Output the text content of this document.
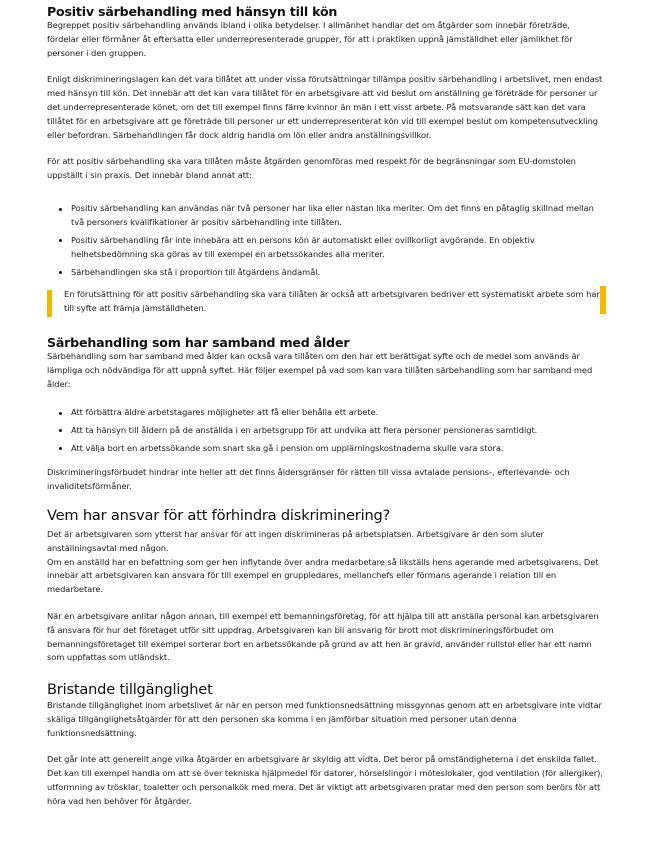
Positiv särbehandling med hänsyn till kön

Begreppet positiv särbehandling används ibland i olika betydelser. I allmänhet handlar det om åtgärder som innebär företräde, fördelar eller förmåner åt eftersatta eller underrepresenterade grupper, för att i praktiken uppnå jämställdhet eller jämlikhet för personer i den gruppen.

Enligt diskrimineringslagen kan det vara tillåtet att under vissa förutsättningar tillämpa positiv särbehandling i arbetslivet, men endast med hänsyn till kön. Det innebär att det kan vara tillåtet för en arbetsgivare att vid beslut om anställning ge företräde för personer ur det underrepresenterade könet, om det till exempel finns färre kvinnor än män i ett visst arbete. På motsvarande sätt kan det vara tillåtet för en arbetsgivare att ge företräde till personer ur ett underrepresenterat kön vid till exempel beslut om kompetensutveckling eller befordran. Särbehandlingen får dock aldrig handla om lön eller andra anställningsvillkor.

För att positiv särbehandling ska vara tillåten måste åtgärden genomföras med respekt för de begränsningar som EU-domstolen uppställt i sin praxis. Det innebär bland annat att:

Positiv särbehandling kan användas när två personer har lika eller nästan lika meriter. Om det finns en påtaglig skillnad mellan två personers kvalifikationer är positiv särbehandling inte tillåten.
Positiv särbehandling får inte innebära att en persons kön är automatiskt eller ovillkorligt avgörande. En objektiv helhetsbedömning ska göras av till exempel en arbetssökandes alla meriter.
Särbehandlingen ska stå i proportion till åtgärdens ändamål.

En förutsättning för att positiv särbehandling ska vara tillåten är också att arbetsgivaren bedriver ett systematiskt arbete som har till syfte att främja jämställdheten.

Särbehandling som har samband med ålder

Särbehandling som har samband med ålder kan också vara tillåten om den har ett berättigat syfte och de medel som används är lämpliga och nödvändiga för att uppnå syftet. Här följer exempel på vad som kan vara tillåten särbehandling som har samband med ålder:

Att förbättra äldre arbetstagares möjligheter att få eller behålla ett arbete.
Att ta hänsyn till åldern på de anställda i en arbetsgrupp för att undvika att flera personer pensioneras samtidigt.
Att välja bort en arbetssökande som snart ska gå i pension om upplärningskostnaderna skulle vara stora.

Diskrimineringsförbudet hindrar inte heller att det finns åldersgränser för rätten till vissa avtalade pensions-, efterlevande- och invaliditetsförmåner.

Vem har ansvar för att förhindra diskriminering?

Det är arbetsgivaren som ytterst har ansvar för att ingen diskrimineras på arbetsplatsen. Arbetsgivare är den som sluter anställningsavtal med någon.

Om en anställd har en befattning som ger hen inflytande över andra medarbetare så likställs hens agerande med arbetsgivarens. Det innebär att arbetsgivaren kan ansvara för till exempel en gruppledares, mellanchefs eller förmans agerande i relation till en medarbetare.

När en arbetsgivare anlitar någon annan, till exempel ett bemanningsföretag, för att hjälpa till att anställa personal kan arbetsgivaren få ansvara för hur det företaget utför sitt uppdrag. Arbetsgivaren kan bli ansvarig för brott mot diskrimineringsförbudet om bemanningsföretaget till exempel sorterar bort en arbetssökande på grund av att hen är gravid, använder rullstol eller har ett namn som uppfattas som utländskt.

Bristande tillgänglighet

Bristande tillgänglighet inom arbetslivet är när en person med funktionsnedsättning missgynnas genom att en arbetsgivare inte vidtar skäliga tillgänglighetsåtgärder för att den personen ska komma i en jämförbar situation med personer utan denna funktionsnedsättning.

Det går inte att generellt ange vilka åtgärder en arbetsgivare är skyldig att vidta. Det beror på omständigheterna i det enskilda fallet. Det kan till exempel handla om att se över tekniska hjälpmedel för datorer, hörselslingor i möteslokaler, god ventilation (för allergiker), utformning av trösklar, toaletter och personalkök med mera. Det är viktigt att arbetsgivaren pratar med den person som berörs för att höra vad hen behöver för åtgärder.
